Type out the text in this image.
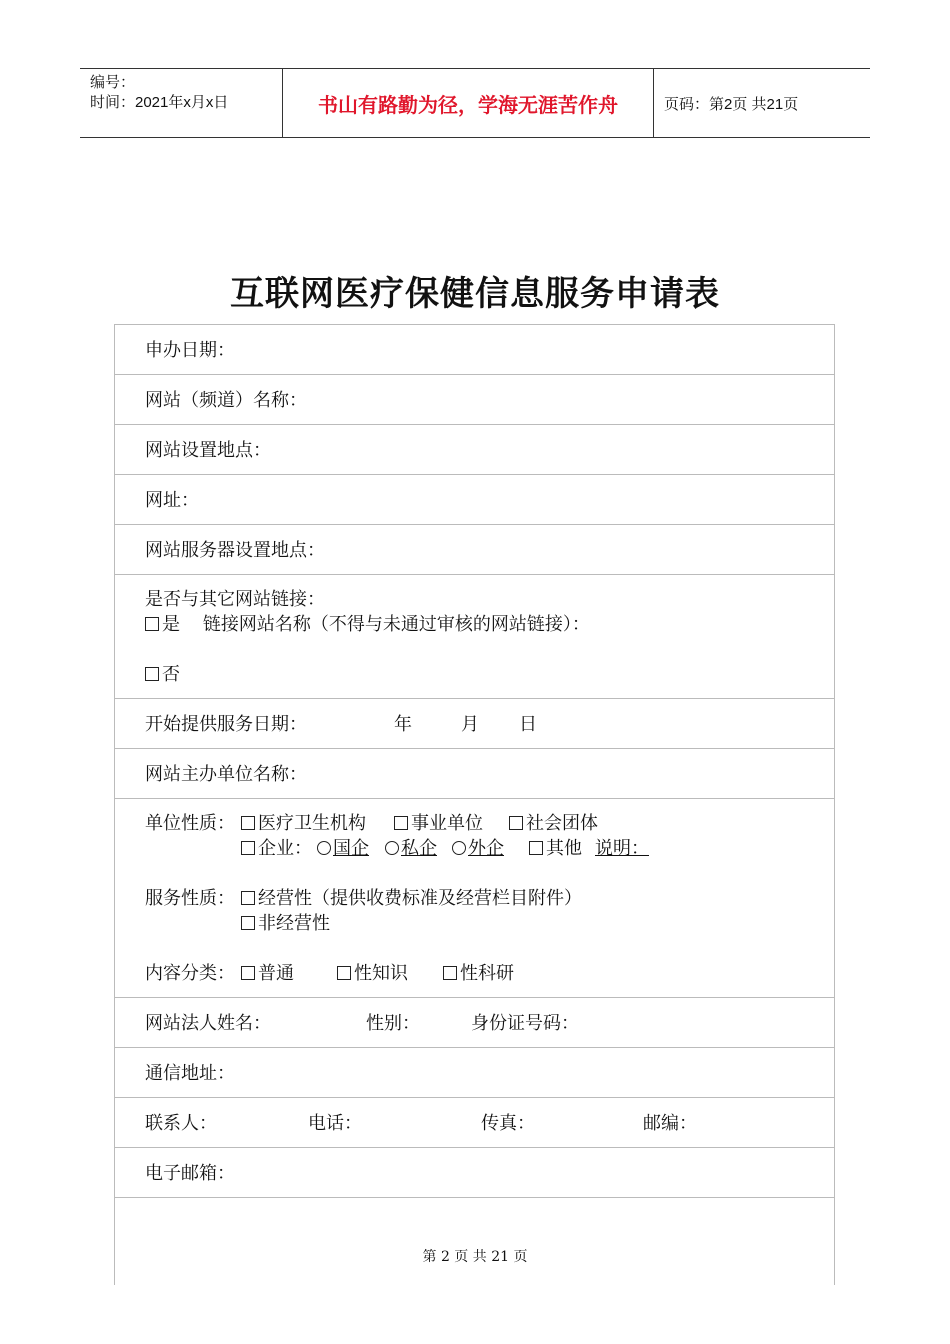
编号：
时间：2021年x月x日	书山有路勤为径，学海无涯苦作舟	页码：第2页 共21页
互联网医疗保健信息服务申请表
申办日期：
网站（频道）名称：
网站设置地点：
网址：
网站服务器设置地点：
是否与其它网站链接：
是    链接网站名称（不得与未通过审核的网站链接）：
否
开始提供服务日期：	年	月 日
网站主办单位名称：
单位性质：	医疗卫生机构	事业单位	社会团体
企业：	国企	私企	外企	其他 说明：
服务性质：	经营性（提供收费标准及经营栏目附件）
非经营性
内容分类：	普通	性知识	性科研
网站法人姓名：	性别：	身份证号码：
通信地址：
联系人：	电话：	传真：	邮编：
电子邮箱：
第 2 页 共 21 页
